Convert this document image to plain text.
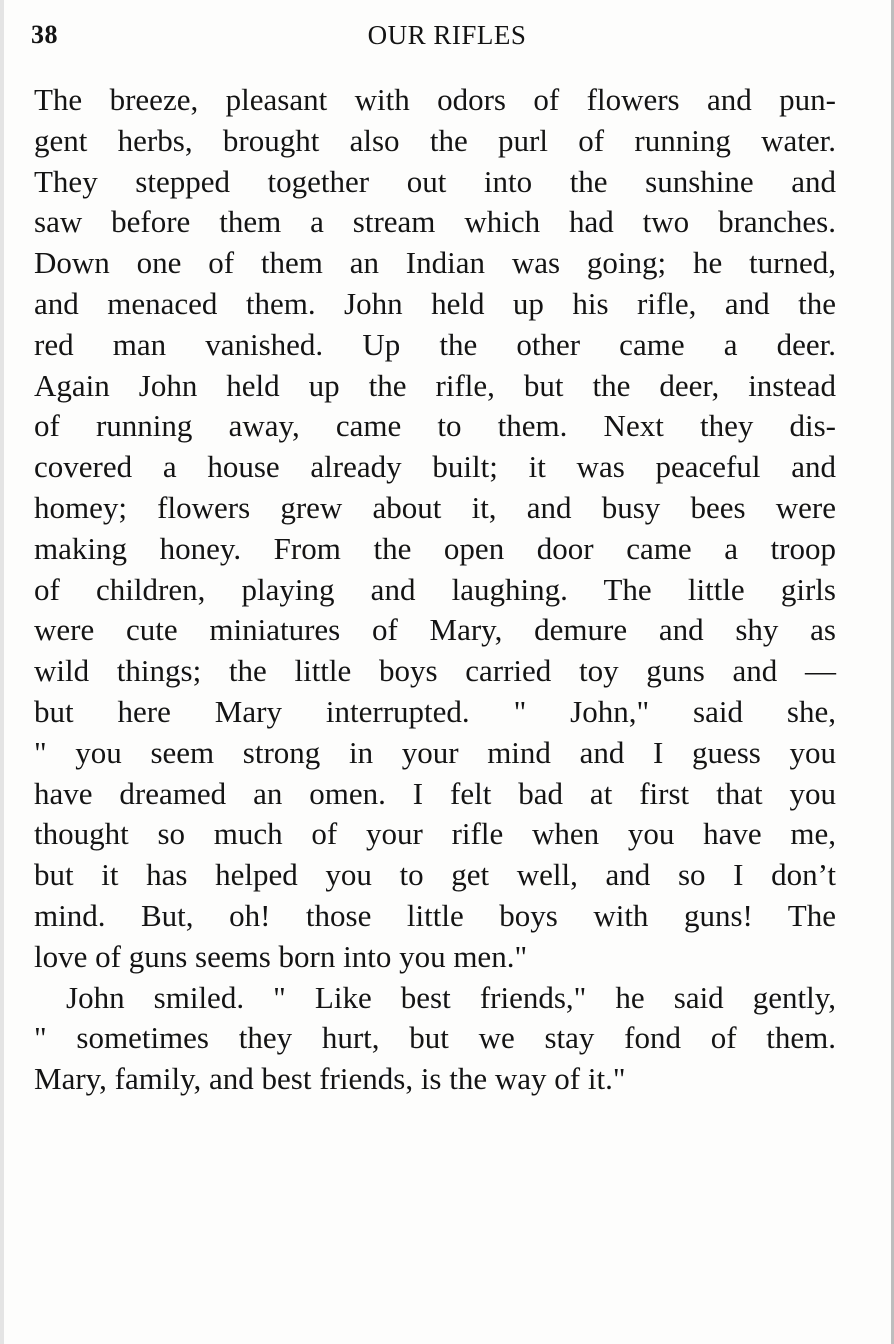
38	OUR RIFLES
The breeze, pleasant with odors of flowers and pun-
gent herbs, brought also the purl of running water.
They stepped together out into the sunshine and
saw before them a stream which had two branches.
Down one of them an Indian was going; he turned,
and menaced them. John held up his rifle, and the
red man vanished. Up the other came a deer.
Again John held up the rifle, but the deer, instead
of running away, came to them. Next they dis-
covered a house already built; it was peaceful and
homey; flowers grew about it, and busy bees were
making honey. From the open door came a troop
of children, playing and laughing. The little girls
were cute miniatures of Mary, demure and shy as
wild things; the little boys carried toy guns and —
but here Mary interrupted. " John," said she,
" you seem strong in your mind and I guess you
have dreamed an omen. I felt bad at first that you
thought so much of your rifle when you have me,
but it has helped you to get well, and so I don’t
mind. But, oh! those little boys with guns! The
love of guns seems born into you men."
John smiled. " Like best friends," he said gently,
" sometimes they hurt, but we stay fond of them.
Mary, family, and best friends, is the way of it."
